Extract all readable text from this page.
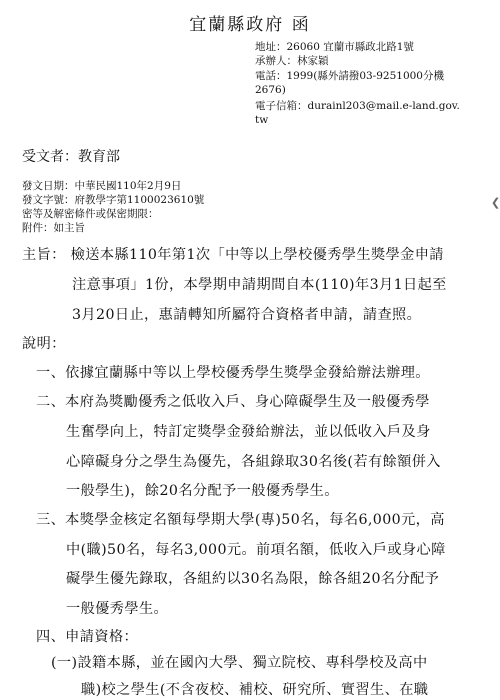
宜蘭縣政府 函
地址：26060 宜蘭市縣政北路1號
承辦人：林家穎
電話：1999(縣外請撥03-9251000分機
2676)
電子信箱：durainl203@mail.e-land.gov.
tw
受文者：教育部
發文日期：中華民國110年2月9日
發文字號：府教學字第1100023610號
密等及解密條件或保密期限：
附件：如主旨
❮
主旨： 檢送本縣110年第1次「中等以上學校優秀學生獎學金申請
注意事項」1份，本學期申請期間自本(110)年3月1日起至
3月20日止，惠請轉知所屬符合資格者申請，請查照。
說明：
一、依據宜蘭縣中等以上學校優秀學生獎學金發給辦法辦理。
二、本府為獎勵優秀之低收入戶、身心障礙學生及一般優秀學
生奮學向上，特訂定獎學金發給辦法，並以低收入戶及身
心障礙身分之學生為優先，各組錄取30名後(若有餘額併入
一般學生)，餘20名分配予一般優秀學生。
三、本獎學金核定名額每學期大學(專)50名，每名6,000元，高
中(職)50名，每名3,000元。前項名額，低收入戶或身心障
礙學生優先錄取，各組約以30名為限，餘各組20名分配予
一般優秀學生。
四、申請資格：
(一)設籍本縣，並在國內大學、獨立院校、專科學校及高中
職)校之學生(不含夜校、補校、研究所、實習生、在職
